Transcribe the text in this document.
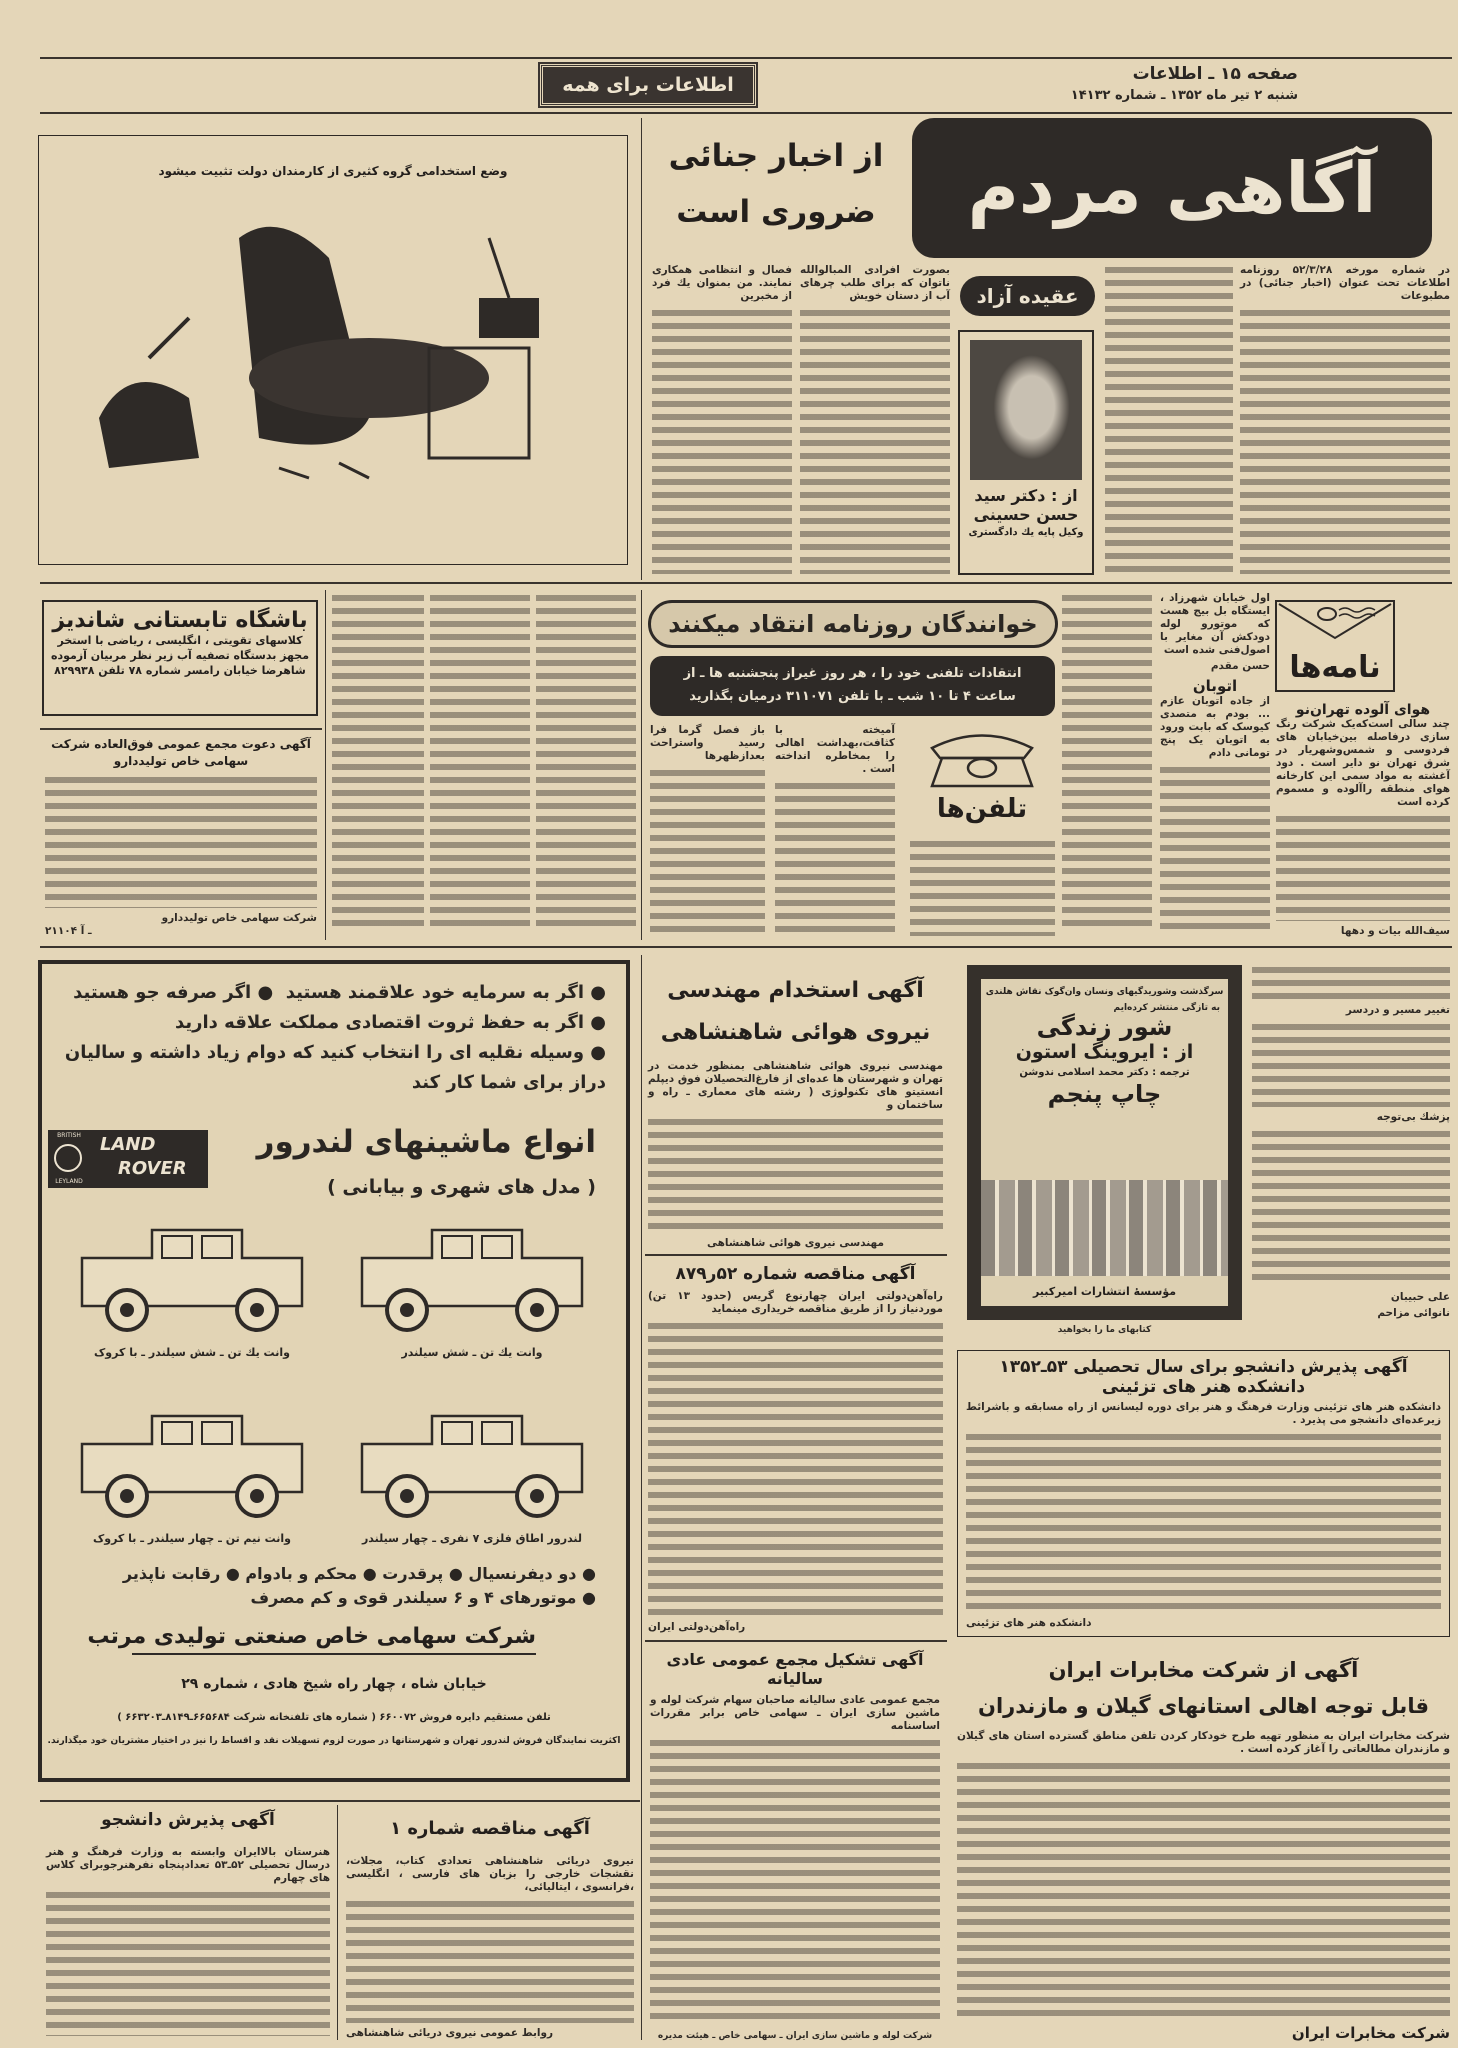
صفحه ۱۵ ـ اطلاعات
شنبه ۲ تیر ماه ۱۳۵۲ ـ شماره ۱۴۱۳۲
اطلاعات برای همه
آگاهی مردم
از اخبار جنائی
ضروری است
در شماره مورخه ۵۲/۳/۲۸ روزنامه اطلاعات تحت عنوان (اخبار جنائی) در مطبوعات
عقیده آزاد
از : دکتر سید
حسن حسینی
وکیل پایه یك دادگستری
بصورت افرادی المبالوالله ناتوان که برای طلب چرهای آب از دستان خویش
فصال و انتظامی همکاری نمایند. من بمنوان یك فرد از مخبرین
وضع استخدامی گروه کثیری از کارمندان دولت تثبیت میشود
باشگاه تابستانی شاندیز
کلاسهای تقویتی ، انگلیسی ، ریاضی با استخر
مجهز بدستگاه تصفیه آب زیر نظر مربیان آزموده
شاهرضا خیابان رامسر شماره ۷۸ تلفن ۸۲۹۹۳۸
آگهی دعوت مجمع عمومی فوق‌العاده شرکت سهامی خاص تولیددارو
شرکت سهامی خاص تولیددارو
۲۱۱۰۴ ـ آ
خوانندگان روزنامه انتقاد میکنند
انتقادات تلفنی خود را ، هر روز غیراز پنجشنبه ها ـ از
ساعت ۴ تا ۱۰ شب ـ با تلفن ۳۱۱۰۷۱ درمیان بگذارید
باز فصل گرما فرا رسید واستراحت بعدازظهرها
آمیخته با کثافت،بهداشت اهالی را بمخاطره انداخته است .
تلفن‌ها
اول خیابان شهرزاد ، ایستگاه بل بیج هست که موتورو لوله دودکش آن مغایر با اصول‌فنی شده است
حسن مقدم
اتوبان
از جاده اتوبان عازم ... بودم به متصدی کیوسک که بابت ورود به اتوبان یک پنج تومانی دادم
نامه‌ها
هوای آلوده تهران‌نو
چند سالی است‌که‌یک شرکت رنگ سازی درفاصله بین‌خیابان های فردوسی و شمس‌وشهریار در شرق تهران نو دایر است . دود آغشته به مواد سمی این کارخانه هوای منطقه راآلوده و مسموم کرده است
سیف‌الله بیات و دهها
● اگر به سرمایه خود علاقمند هستید  ● اگر صرفه جو هستید
● اگر به حفظ ثروت اقتصادی مملکت علاقه دارید
● وسیله نقلیه ای را انتخاب کنید که دوام زیاد داشته و سالیان دراز برای شما کار کند
BRITISH
LEYLAND
LAND
ROVER
انواع ماشینهای لندرور
( مدل های شهری و بیابانی )
وانت یك تن ـ شش سیلندر
وانت یك تن ـ شش سیلندر ـ با کروک
لندرور اطاق فلزی ۷ نفری ـ چهار سیلندر
وانت نیم تن ـ چهار سیلندر ـ با کروک
● دو دیفرنسیال ● پرقدرت ● محکم و بادوام ● رقابت ناپذیر
● موتورهای ۴ و ۶ سیلندر قوی و کم مصرف
شرکت سهامی خاص صنعتی تولیدی مرتب
خیابان شاه ، چهار راه شیخ هادی ، شماره ۲۹
تلفن مستقیم دایره فروش ۶۶۰۰۷۲ ( شماره های تلفنخانه شرکت ۶۶۵۶۸۴ـ۸۱۴۹ـ۶۶۳۲۰۳ )
اکثریت نمایندگان فروش لندرور تهران و شهرستانها در صورت لزوم تسهیلات نقد و اقساط را نیز در اختیار مشتریان خود میگذارند.
آگهی استخدام مهندسی
نیروی هوائی شاهنشاهی
مهندسی نیروی هوائی شاهنشاهی بمنظور خدمت در تهران و شهرستان ها عده‌ای از فارغ‌التحصیلان فوق دیپلم انستیتو های تکنولوژی ( رشته های معماری ـ راه و ساختمان و
مهندسی نیروی هوائی شاهنشاهی
آگهی مناقصه شماره ۵۲ر۸۷۹
راه‌آهن‌دولتی ایران چهارنوع گریس (حدود ۱۳ تن) موردنیاز را از طریق مناقصه خریداری مینماید
راه‌آهن‌دولتی ایران
آگهی تشکیل مجمع عمومی عادی سالیانه
مجمع عمومی عادی سالیانه صاحبان سهام شرکت لوله و ماشین سازی ایران ـ سهامی خاص برابر مقررات اساسنامه
شرکت لوله و ماشین سازی ایران ـ سهامی خاص ـ هیئت مدیره
سرگذشت وشوریدگیهای ونسان وان‌گوک نقاش هلندی
به تازگی منتشر کرده‌ایم
شور زندگی
از : ایروینگ استون
ترجمه : دکتر محمد اسلامی ندوشن
چاپ پنجم
مؤسسهٔ انتشارات امیرکبیر
کتابهای ما را بخواهید
تغییر مسیر و دردسر
پزشك بی‌توجه
علی حبیبان
نانوائی مزاحم
آگهی پذیرش دانشجو برای سال تحصیلی ۵۳ـ۱۳۵۲
دانشکده هنر های تزئینی
دانشکده هنر های تزئینی وزارت فرهنگ و هنر برای دوره لیسانس از راه مسابقه و باشرائط زیرعده‌ای دانشجو می پذیرد .
دانشکده هنر های تزئینی
آگهی از شرکت مخابرات ایران
قابل توجه اهالی استانهای گیلان و مازندران
شرکت مخابرات ایران به منظور تهیه طرح خودکار کردن تلفن مناطق گسترده استان های گیلان و مازندران مطالعاتی را آغاز کرده است .
شرکت مخابرات ایران
آگهی پذیرش دانشجو
هنرستان بالاایران وابسته به وزارت فرهنگ و هنر درسال تحصیلی ۵۲ـ۵۳ تعدادپنجاه نفرهنرجوبرای کلاس های چهارم
آگهی مناقصه شماره ۱
نیروی دریائی شاهنشاهی تعدادی کتاب، مجلات، نقشجات خارجی را بزبان های فارسی ، انگلیسی ،فرانسوی ، ایتالیائی،
روابط عمومی نیروی دریائی شاهنشاهی
